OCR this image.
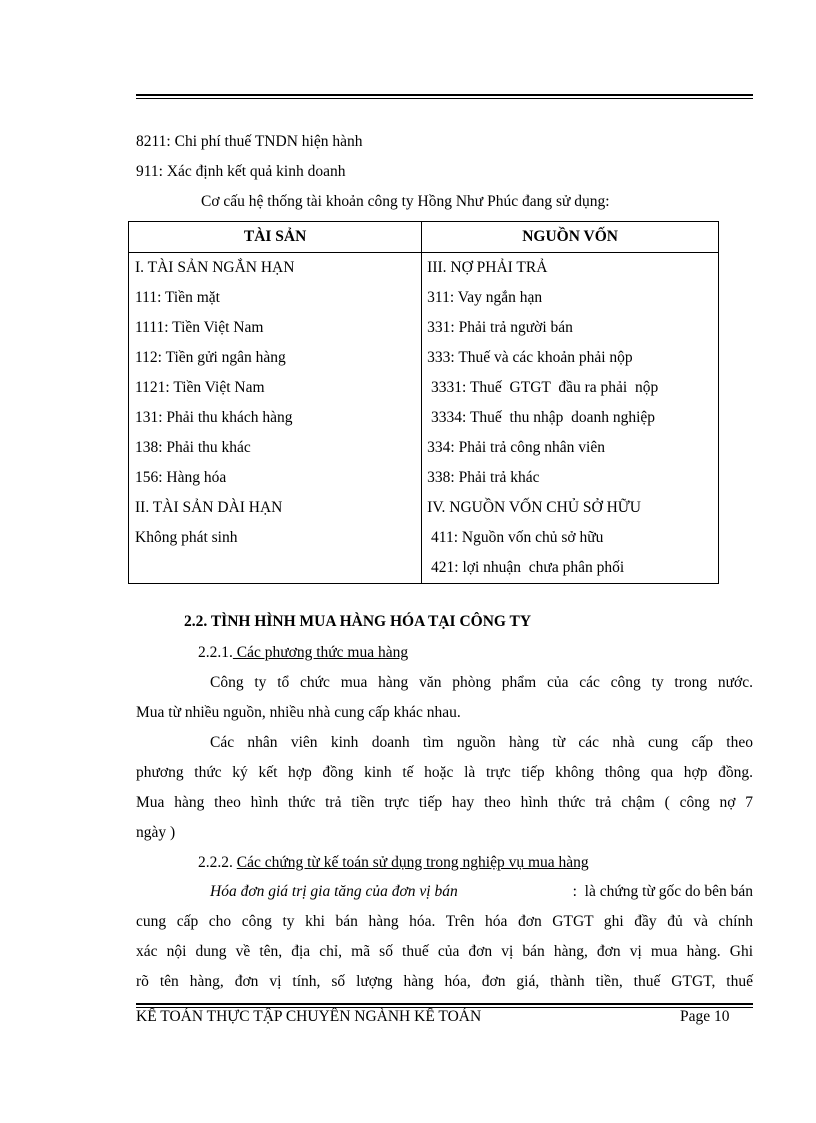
8211: Chi phí thuế TNDN hiện hành
911: Xác định kết quả kinh doanh
Cơ cấu hệ thống tài khoản công ty Hồng Như Phúc đang sử dụng:
TÀI SẢN	NGUỒN VỐN
I. TÀI SẢN NGẮN HẠN	III. NỢ PHẢI TRẢ
111: Tiền mặt	311: Vay ngắn hạn
1111: Tiền Việt Nam	331: Phải trả người bán
112: Tiền gửi ngân hàng	333: Thuế và các khoản phải nộp
1121: Tiền Việt Nam	3331: Thuế  GTGT  đầu ra phải  nộp
131: Phải thu khách hàng	3334: Thuế  thu nhập  doanh nghiệp
138: Phải thu khác	334: Phải trả công nhân viên
156: Hàng hóa	338: Phải trả khác
II. TÀI SẢN DÀI HẠN	IV. NGUỒN VỐN CHỦ SỞ HỮU
Không phát sinh	411: Nguồn vốn chủ sở hữu
	421: lợi nhuận  chưa phân phối
2.2. TÌNH HÌNH MUA HÀNG HÓA TẠI CÔNG TY
2.2.1. Các phương thức mua hàng
Công ty tổ chức mua hàng văn phòng phẩm của các công ty trong nước.
Mua từ nhiều nguồn, nhiều nhà cung cấp khác nhau.
Các nhân viên kinh doanh tìm nguồn hàng từ các nhà cung cấp theo
phương thức ký kết hợp đồng kinh tế hoặc là trực tiếp không thông qua hợp đồng.
Mua hàng theo hình thức trả tiền trực tiếp hay theo hình thức trả chậm ( công nợ 7
ngày )
2.2.2. Các chứng từ kế toán sử dụng trong nghiệp vụ mua hàng
Hóa đơn giá trị gia tăng của đơn vị bán	:  là chứng từ gốc do bên bán
cung cấp cho công ty khi bán hàng hóa. Trên hóa đơn GTGT ghi đầy đủ và chính
xác nội dung về tên, địa chỉ, mã số thuế của đơn vị bán hàng, đơn vị mua hàng. Ghi
rõ tên hàng, đơn vị tính, số lượng hàng hóa, đơn giá, thành tiền, thuế GTGT, thuế
KẾ TOÁN THỰC TẬP CHUYÊN NGÀNH KẾ TOÁN	Page 10
